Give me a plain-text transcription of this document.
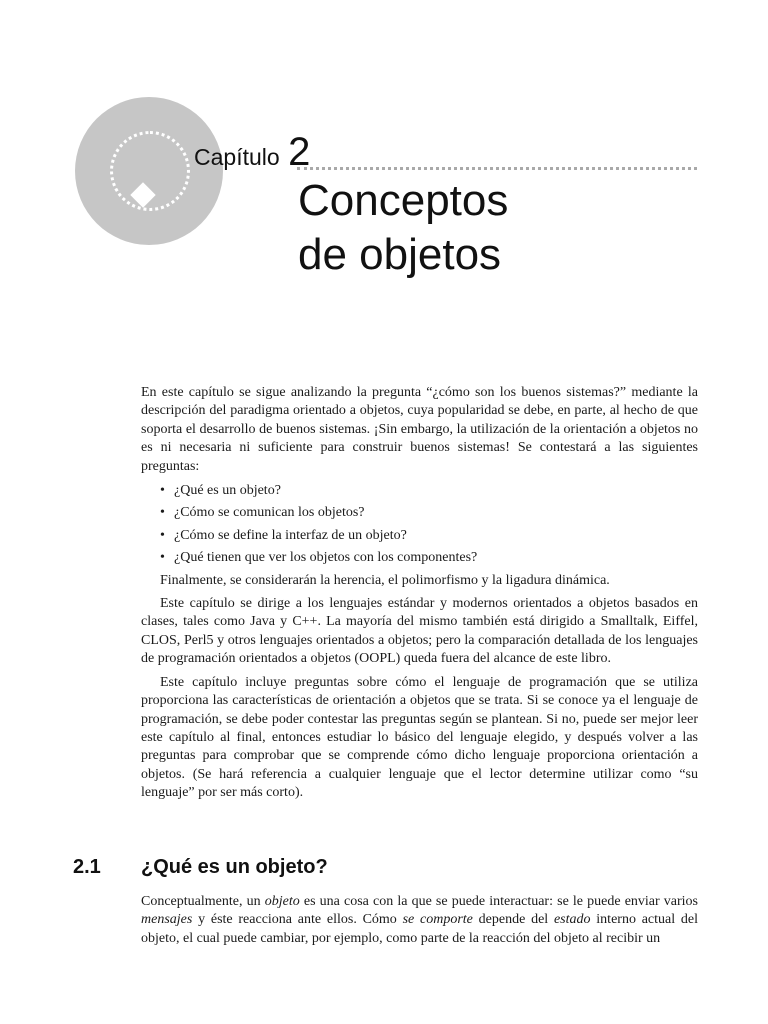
Capítulo 2
Conceptos
de objetos

En este capítulo se sigue analizando la pregunta “¿cómo son los buenos sistemas?” mediante la descripción del paradigma orientado a objetos, cuya popularidad se debe, en parte, al hecho de que soporta el desarrollo de buenos sistemas. ¡Sin embargo, la utilización de la orientación a objetos no es ni necesaria ni suficiente para construir buenos sistemas! Se contestará a las siguientes preguntas:

• ¿Qué es un objeto?
• ¿Cómo se comunican los objetos?
• ¿Cómo se define la interfaz de un objeto?
• ¿Qué tienen que ver los objetos con los componentes?

Finalmente, se considerarán la herencia, el polimorfismo y la ligadura dinámica.

Este capítulo se dirige a los lenguajes estándar y modernos orientados a objetos basados en clases, tales como Java y C++. La mayoría del mismo también está dirigido a Smalltalk, Eiffel, CLOS, Perl5 y otros lenguajes orientados a objetos; pero la comparación detallada de los lenguajes de programación orientados a objetos (OOPL) queda fuera del alcance de este libro.

Este capítulo incluye preguntas sobre cómo el lenguaje de programación que se utiliza proporciona las características de orientación a objetos que se trata. Si se conoce ya el lenguaje de programación, se debe poder contestar las preguntas según se plantean. Si no, puede ser mejor leer este capítulo al final, entonces estudiar lo básico del lenguaje elegido, y después volver a las preguntas para comprobar que se comprende cómo dicho lenguaje proporciona orientación a objetos. (Se hará referencia a cualquier lenguaje que el lector determine utilizar como “su lenguaje” por ser más corto).

2.1 ¿Qué es un objeto?

Conceptualmente, un objeto es una cosa con la que se puede interactuar: se le puede enviar varios mensajes y éste reacciona ante ellos. Cómo se comporte depende del estado interno actual del objeto, el cual puede cambiar, por ejemplo, como parte de la reacción del objeto al recibir un
